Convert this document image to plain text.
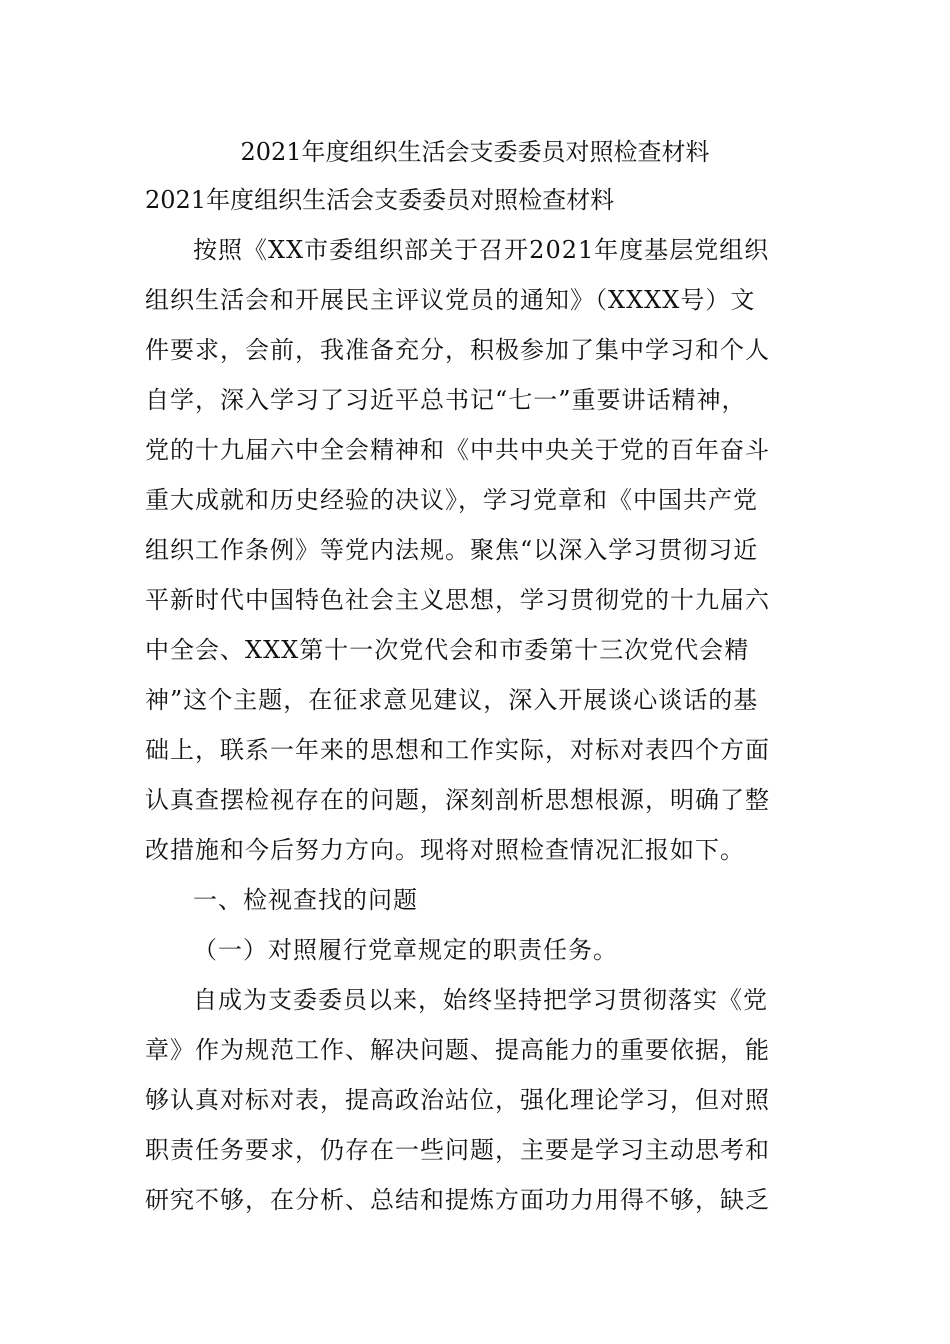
2021年度组织生活会支委委员对照检查材料
2021年度组织生活会支委委员对照检查材料
按照《XX市委组织部关于召开2021年度基层党组织
组织生活会和开展民主评议党员的通知》（XXXX号）文
件要求，会前，我准备充分，积极参加了集中学习和个人
自学，深入学习了习近平总书记“七一”重要讲话精神，
党的十九届六中全会精神和《中共中央关于党的百年奋斗
重大成就和历史经验的决议》，学习党章和《中国共产党
组织工作条例》等党内法规。聚焦“以深入学习贯彻习近
平新时代中国特色社会主义思想，学习贯彻党的十九届六
中全会、XXX第十一次党代会和市委第十三次党代会精
神”这个主题，在征求意见建议，深入开展谈心谈话的基
础上，联系一年来的思想和工作实际，对标对表四个方面
认真查摆检视存在的问题，深刻剖析思想根源，明确了整
改措施和今后努力方向。现将对照检查情况汇报如下。
一、检视查找的问题
（一）对照履行党章规定的职责任务。
自成为支委委员以来，始终坚持把学习贯彻落实《党
章》作为规范工作、解决问题、提高能力的重要依据，能
够认真对标对表，提高政治站位，强化理论学习，但对照
职责任务要求，仍存在一些问题，主要是学习主动思考和
研究不够，在分析、总结和提炼方面功力用得不够，缺乏
